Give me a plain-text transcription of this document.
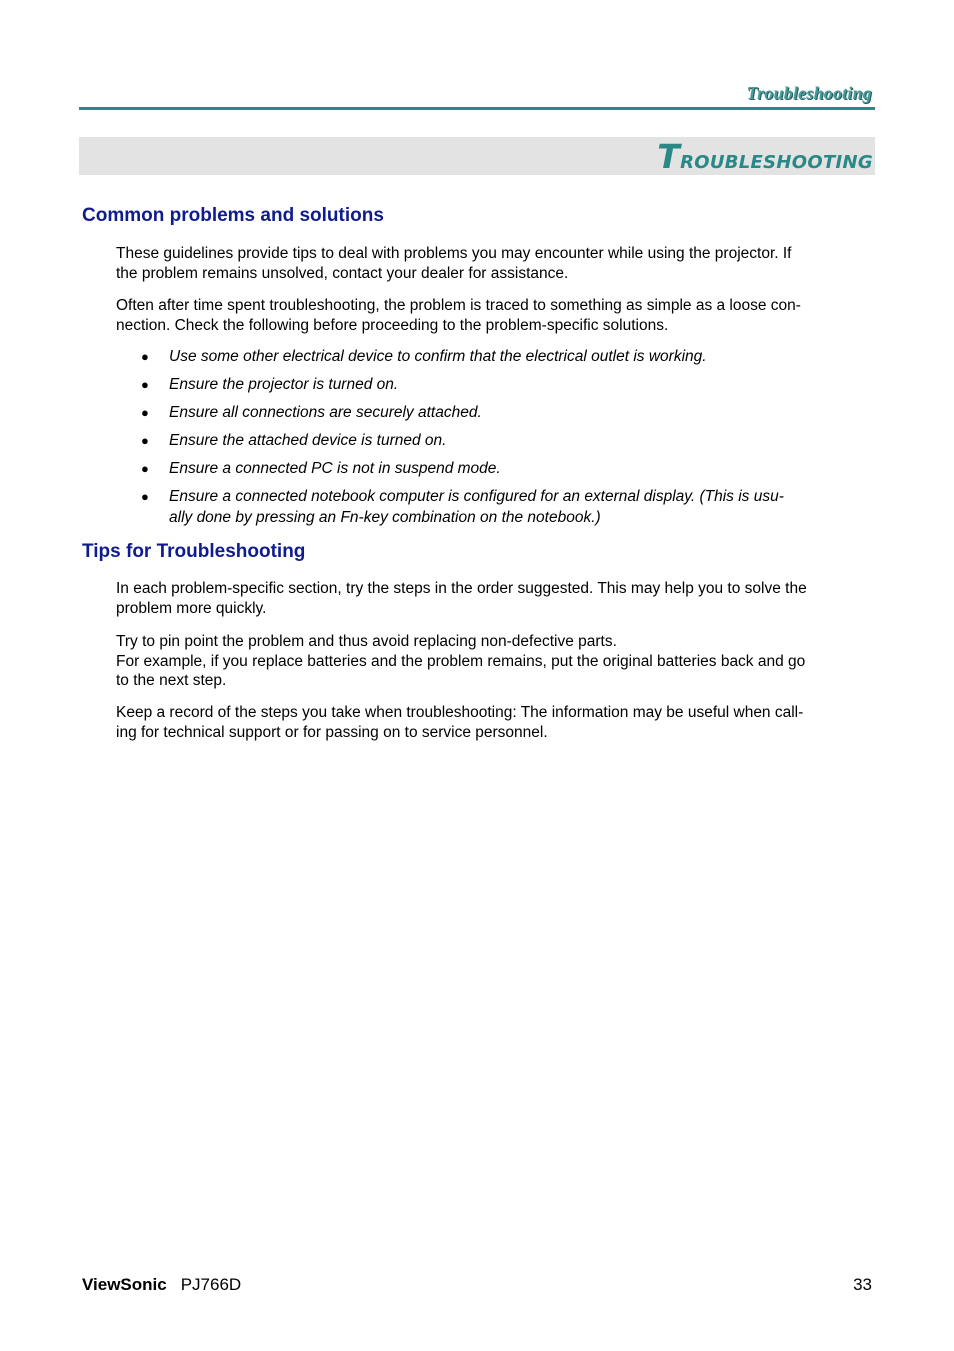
Troubleshooting
Troubleshooting
Common problems and solutions
These guidelines provide tips to deal with problems you may encounter while using the projector. If
the problem remains unsolved, contact your dealer for assistance.
Often after time spent troubleshooting, the problem is traced to something as simple as a loose con-
nection. Check the following before proceeding to the problem-specific solutions.
● Use some other electrical device to confirm that the electrical outlet is working.
● Ensure the projector is turned on.
● Ensure all connections are securely attached.
● Ensure the attached device is turned on.
● Ensure a connected PC is not in suspend mode.
● Ensure a connected notebook computer is configured for an external display. (This is usu-
ally done by pressing an Fn-key combination on the notebook.)
Tips for Troubleshooting
In each problem-specific section, try the steps in the order suggested. This may help you to solve the
problem more quickly.
Try to pin point the problem and thus avoid replacing non-defective parts.
For example, if you replace batteries and the problem remains, put the original batteries back and go
to the next step.
Keep a record of the steps you take when troubleshooting: The information may be useful when call-
ing for technical support or for passing on to service personnel.
ViewSonic PJ766D	33
